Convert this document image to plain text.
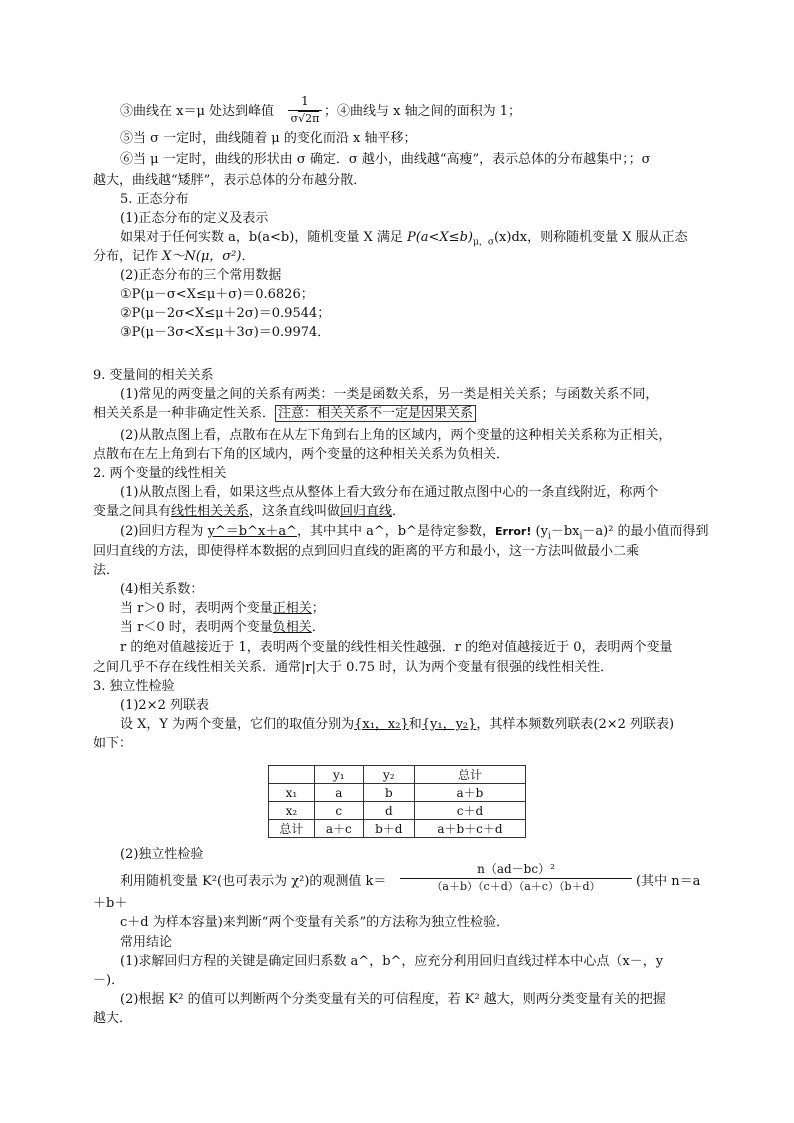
③曲线在 x＝μ 处达到峰值
1
σ√2π ；④曲线与 x 轴之间的面积为 1；
⑤当 σ 一定时，曲线随着 μ 的变化而沿 x 轴平移；
⑥当 μ 一定时，曲线的形状由 σ 确定．σ 越小，曲线越“高瘦”，表示总体的分布越集中；；σ
越大，曲线越“矮胖”，表示总体的分布越分散．
5. 正态分布
(1)正态分布的定义及表示
如果对于任何实数 a，b(a<b)，随机变量 X 满足 $P(a<X\le b)_{\mu,\sigma}(x)dx$，则称随机变量 X 服从正态
分布，记作 X～N(μ，σ²)．
(2)正态分布的三个常用数据
①P(μ－σ<X≤μ＋σ)＝0.6826；
②P(μ－2σ<X≤μ＋2σ)＝0.9544；
③P(μ－3σ<X≤μ＋3σ)＝0.9974．
9. 变量间的相关关系
(1)常见的两变量之间的关系有两类：一类是函数关系，另一类是相关关系；与函数关系不同，
相关关系是一种非确定性关系． 注意：相关关系不一定是因果关系
(2)从散点图上看，点散布在从左下角到右上角的区域内，两个变量的这种相关关系称为正相关，
点散布在左上角到右下角的区域内，两个变量的这种相关关系为负相关．
2. 两个变量的线性相关
(1)从散点图上看，如果这些点从整体上看大致分布在通过散点图中心的一条直线附近，称两个
变量之间具有线性相关关系，这条直线叫做回归直线．
(2)回归方程为 y^＝b^x＋a^，其中其中 a^，b^是待定参数，Error! $(y_i-bx_i-a)^2$ 的最小值而得到
回归直线的方法，即使得样本数据的点到回归直线的距离的平方和最小，这一方法叫做最小二乘
法．
(4)相关系数：
当 r＞0 时，表明两个变量正相关；
当 r＜0 时，表明两个变量负相关．
r 的绝对值越接近于 1，表明两个变量的线性相关性越强．r 的绝对值越接近于 0，表明两个变量
之间几乎不存在线性相关关系．通常|r|大于 0.75 时，认为两个变量有很强的线性相关性．
3. 独立性检验
(1)2×2 列联表
设 X，Y 为两个变量，它们的取值分别为{x₁，x₂}和{y₁，y₂}，其样本频数列联表(2×2 列联表)
如下：
	y₁	y₂	总计
x₁	a	b	a＋b
x₂	c	d	c＋d
总计	a＋c	b＋d	a＋b＋c＋d
(2)独立性检验
利用随机变量 K²(也可表示为 χ²)的观测值 k＝
n（ad－bc）²
（a＋b）（c＋d）（a＋c）（b＋d）	(其中 n＝a
＋b＋
c＋d 为样本容量)来判断“两个变量有关系”的方法称为独立性检验．
常用结论
(1)求解回归方程的关键是确定回归系数 a^，b^，应充分利用回归直线过样本中心点（x－，y
－)．
(2)根据 K² 的值可以判断两个分类变量有关的可信程度，若 K² 越大，则两分类变量有关的把握
越大．
